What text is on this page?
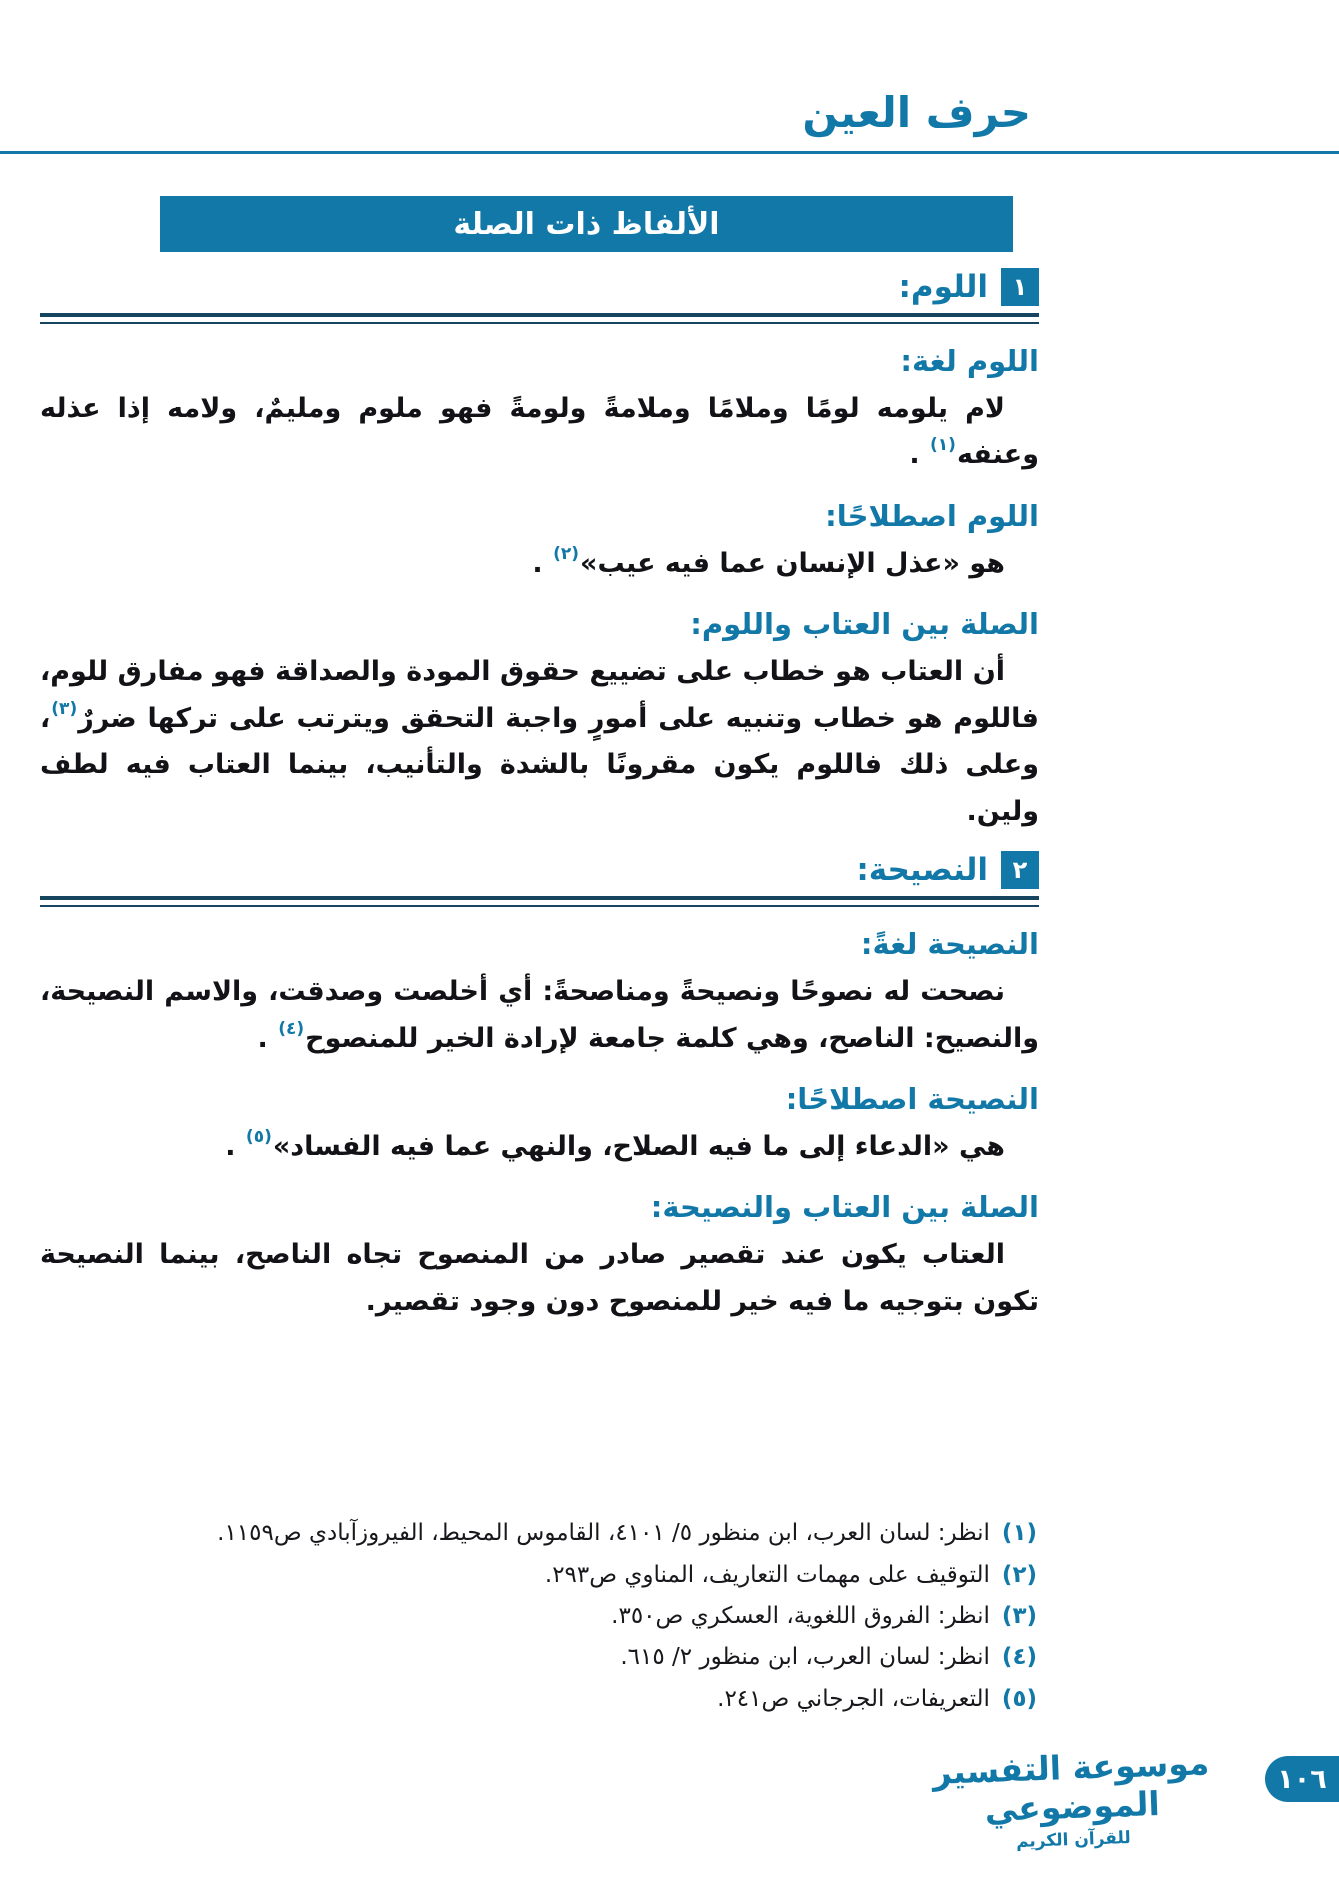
حرف العين
الألفاظ ذات الصلة
١
اللوم:
اللوم لغة:

لام يلومه لومًا وملامًا وملامةً ولومةً فهو ملوم ومليمٌ، ولامه إذا عذله وعنفه$^{(١)}$ .

اللوم اصطلاحًا:

هو «عذل الإنسان عما فيه عيب»$^{(٢)}$ .

الصلة بين العتاب واللوم:

أن العتاب هو خطاب على تضييع حقوق المودة والصداقة فهو مفارق للوم، فاللوم هو خطاب وتنبيه على أمورٍ واجبة التحقق ويترتب على تركها ضررٌ$^{(٣)}$، وعلى ذلك فاللوم يكون مقرونًا بالشدة والتأنيب، بينما العتاب فيه لطف ولين.

٢
النصيحة:
النصيحة لغةً:

نصحت له نصوحًا ونصيحةً ومناصحةً: أي أخلصت وصدقت، والاسم النصيحة، والنصيح: الناصح، وهي كلمة جامعة لإرادة الخير للمنصوح$^{(٤)}$ .

النصيحة اصطلاحًا:

هي «الدعاء إلى ما فيه الصلاح، والنهي عما فيه الفساد»$^{(٥)}$ .

الصلة بين العتاب والنصيحة:

العتاب يكون عند تقصير صادر من المنصوح تجاه الناصح، بينما النصيحة تكون بتوجيه ما فيه خير للمنصوح دون وجود تقصير.

(١)
انظر: لسان العرب، ابن منظور ٥/ ٤١٠١، القاموس المحيط، الفيروزآبادي ص١١٥٩.
(٢)
التوقيف على مهمات التعاريف، المناوي ص٢٩٣.
(٣)
انظر: الفروق اللغوية، العسكري ص٣٥٠.
(٤)
انظر: لسان العرب، ابن منظور ٢/ ٦١٥.
(٥)
التعريفات، الجرجاني ص٢٤١.
موسوعة التفسير الموضوعي
للقرآن الكريم
١٠٦
